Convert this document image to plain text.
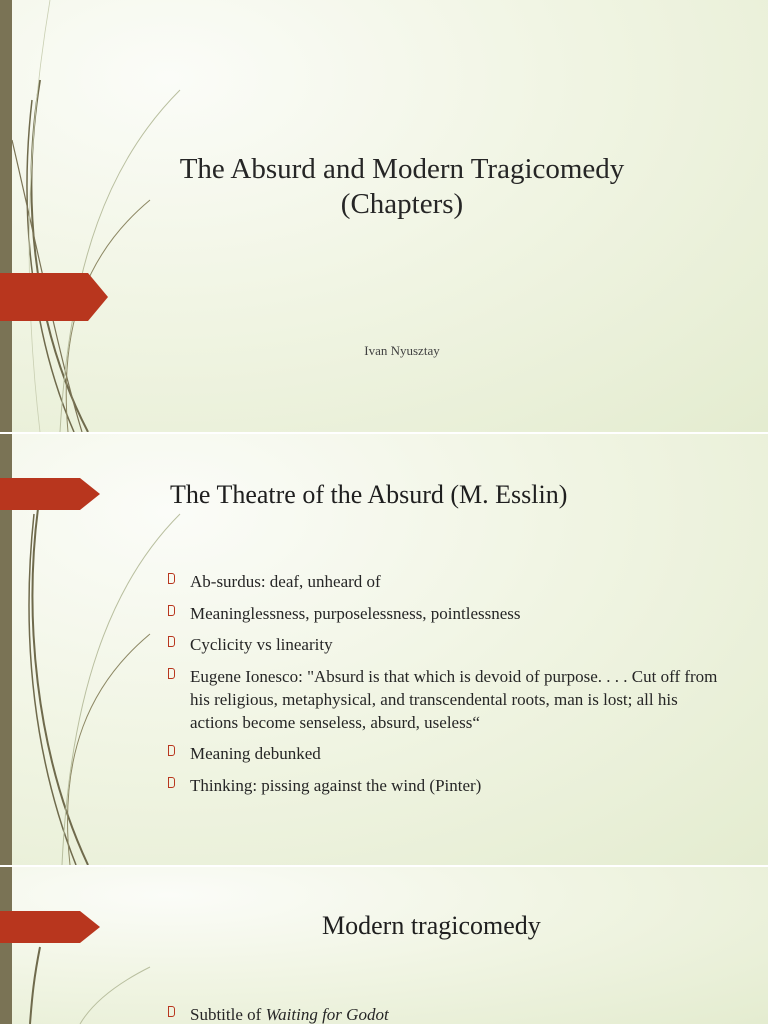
The Absurd and Modern Tragicomedy
(Chapters)
Ivan Nyusztay
The Theatre of the Absurd (M. Esslin)
Ab-surdus: deaf, unheard of
Meaninglessness, purposelessness, pointlessness
Cyclicity vs linearity
Eugene Ionesco: "Absurd is that which is devoid of purpose. . . . Cut off from his religious, metaphysical, and transcendental roots, man is lost; all his actions become senseless, absurd, useless“
Meaning debunked
Thinking: pissing against the wind (Pinter)
Modern tragicomedy
Subtitle of Waiting for Godot
